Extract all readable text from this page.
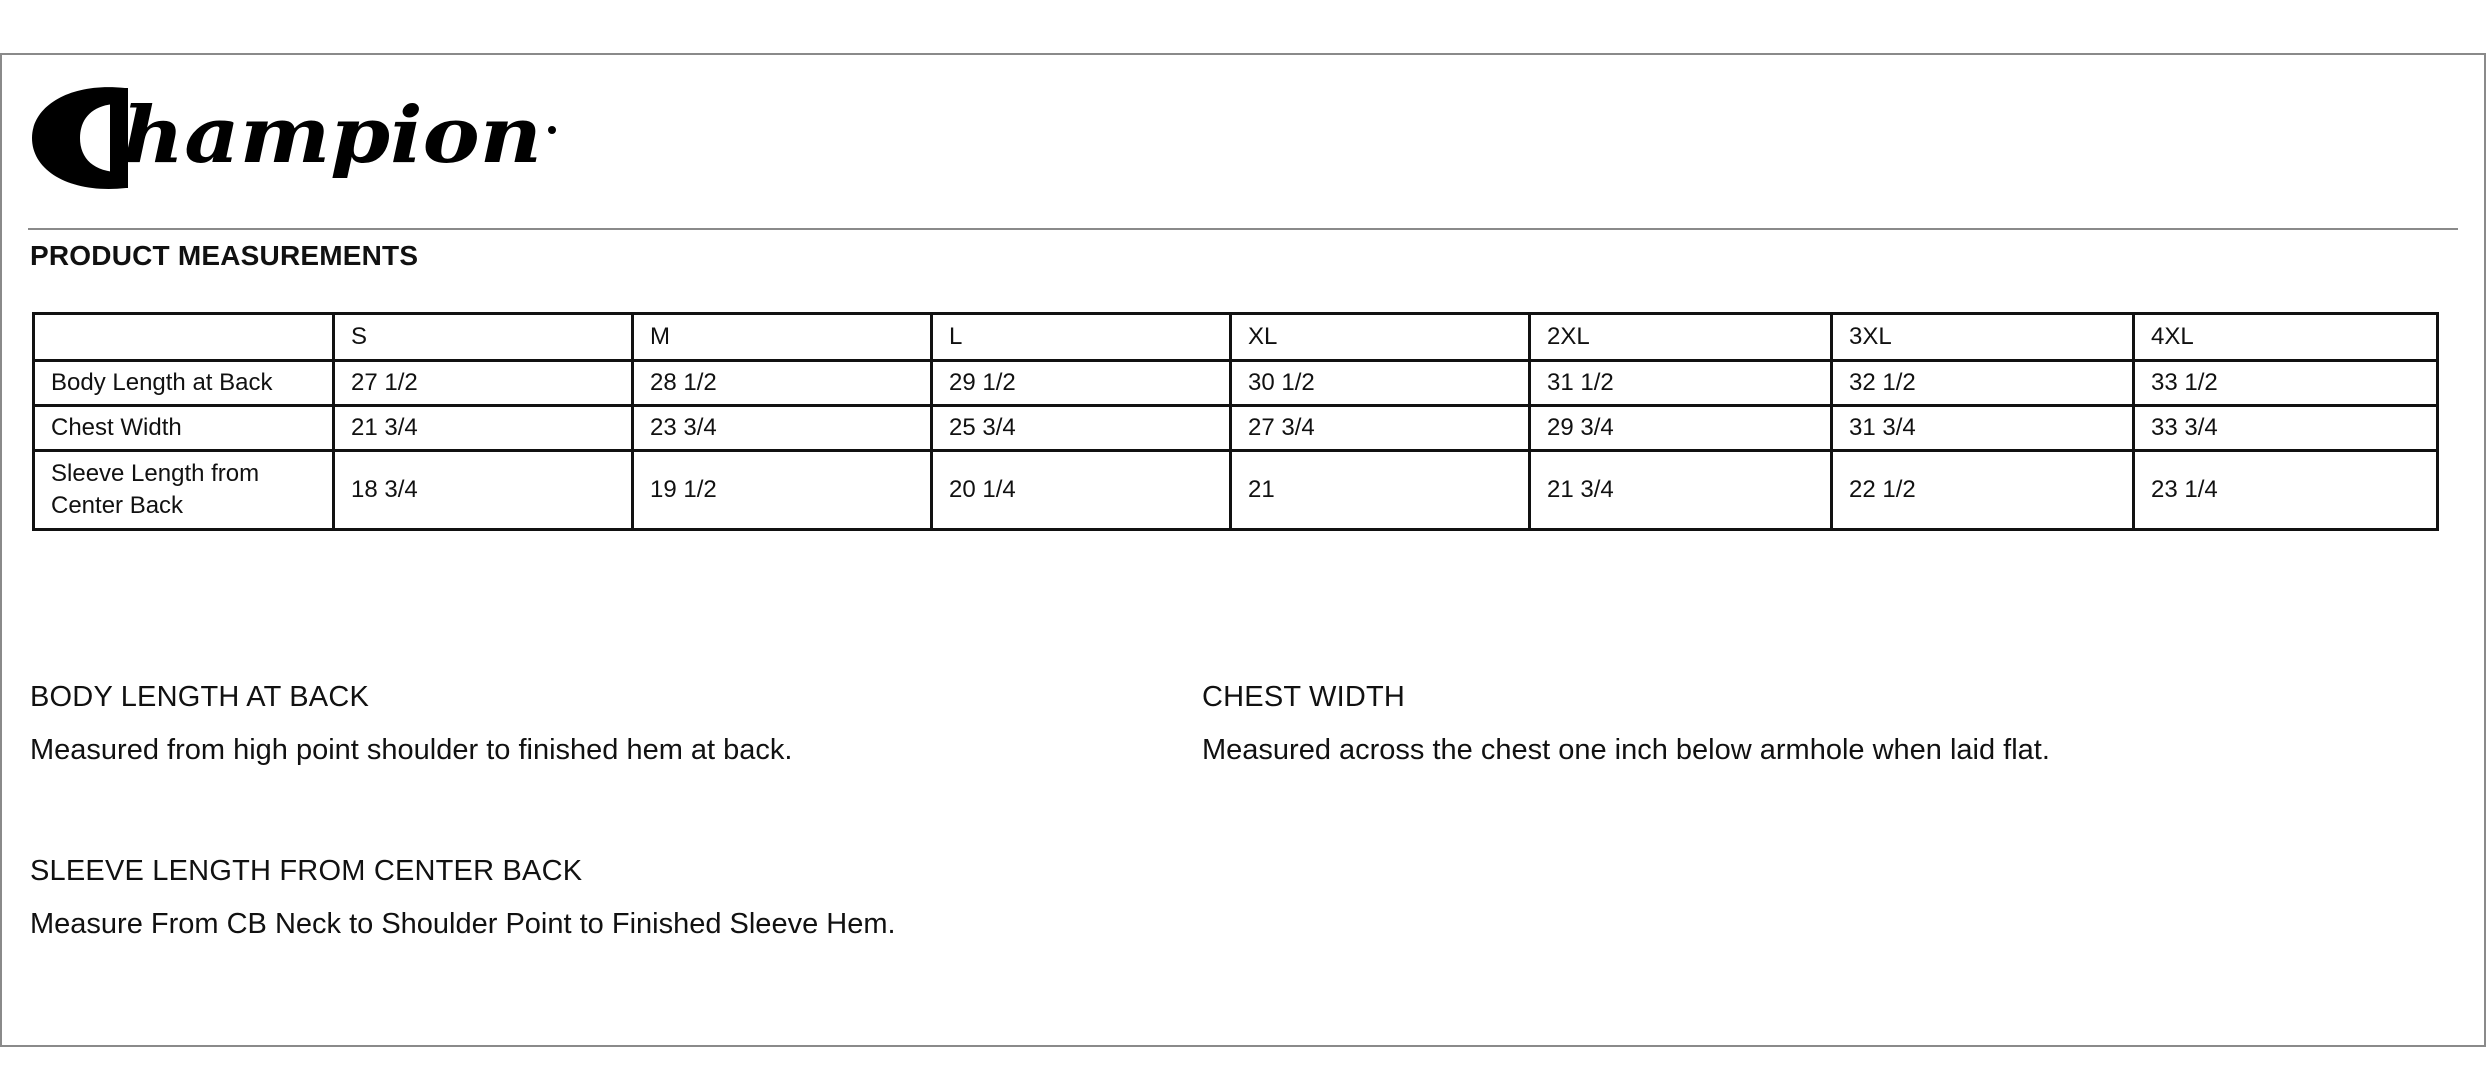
hampion
PRODUCT MEASUREMENTS
	S	M	L	XL	2XL	3XL	4XL
Body Length at Back	27 1/2	28 1/2	29 1/2	30 1/2	31 1/2	32 1/2	33 1/2
Chest Width	21 3/4	23 3/4	25 3/4	27 3/4	29 3/4	31 3/4	33 3/4

Sleeve Length from
Center Back	18 3/4	19 1/2	20 1/4	21	21 3/4	22 1/2	23 1/4
BODY LENGTH AT BACK
Measured from high point shoulder to finished hem at back.
CHEST WIDTH
Measured across the chest one inch below armhole when laid flat.
SLEEVE LENGTH FROM CENTER BACK
Measure From CB Neck to Shoulder Point to Finished Sleeve Hem.
